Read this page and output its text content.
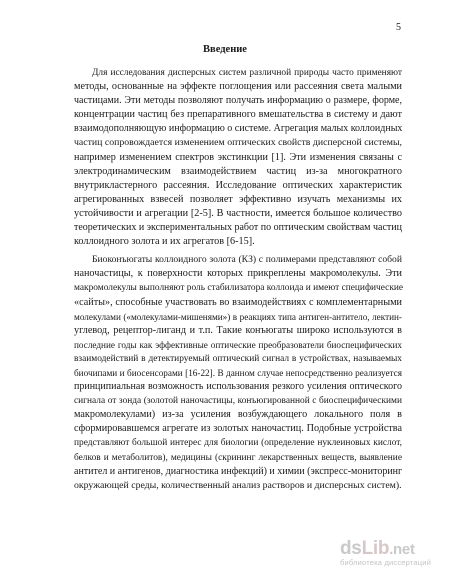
5
Введение
Для исследования дисперсных систем различной природы часто применяют
методы, основанные на эффекте поглощения или рассеяния света малыми
частицами. Эти методы позволяют получать информацию о размере, форме,
концентрации частиц без препаративного вмешательства в систему и дают
взаимодополняющую информацию о системе. Агрегация малых коллоидных
частиц сопровождается изменением оптических свойств дисперсной системы,
например изменением спектров экстинкции [1]. Эти изменения связаны с
электродинамическим взаимодействием частиц из-за многократного
внутрикластерного рассеяния. Исследование оптических характеристик
агрегированных взвесей позволяет эффективно изучать механизмы их
устойчивости и агрегации [2-5]. В частности, имеется большое количество
теоретических и экспериментальных работ по оптическим свойствам частиц
коллоидного золота и их агрегатов [6-15].
Биоконъюгаты коллоидного золота (КЗ) с полимерами представляют собой
наночастицы, к поверхности которых прикреплены макромолекулы. Эти
макромолекулы выполняют роль стабилизатора коллоида и имеют специфические
«сайты», способные участвовать во взаимодействиях с комплементарными
молекулами («молекулами-мишенями») в реакциях типа антиген-антитело, лектин-
углевод, рецептор-лиганд и т.п. Такие конъюгаты широко используются в
последние годы как эффективные оптические преобразователи биоспецифических
взаимодействий в детектируемый оптический сигнал в устройствах, называемых
биочипами и биосенсорами [16-22]. В данном случае непосредственно реализуется
принципиальная возможность использования резкого усиления оптического
сигнала от зонда (золотой наночастицы, конъюгированной с биоспецифическими
макромолекулами) из-за усиления возбуждающего локального поля в
сформировавшемся агрегате из золотых наночастиц. Подобные устройства
представляют большой интерес для биологии (определение нуклеиновых кислот,
белков и метаболитов), медицины (скрининг лекарственных веществ, выявление
антител и антигенов, диагностика инфекций) и химии (экспресс-мониторинг
окружающей среды, количественный анализ растворов и дисперсных систем).
dsLib.net
библиотека диссертаций
